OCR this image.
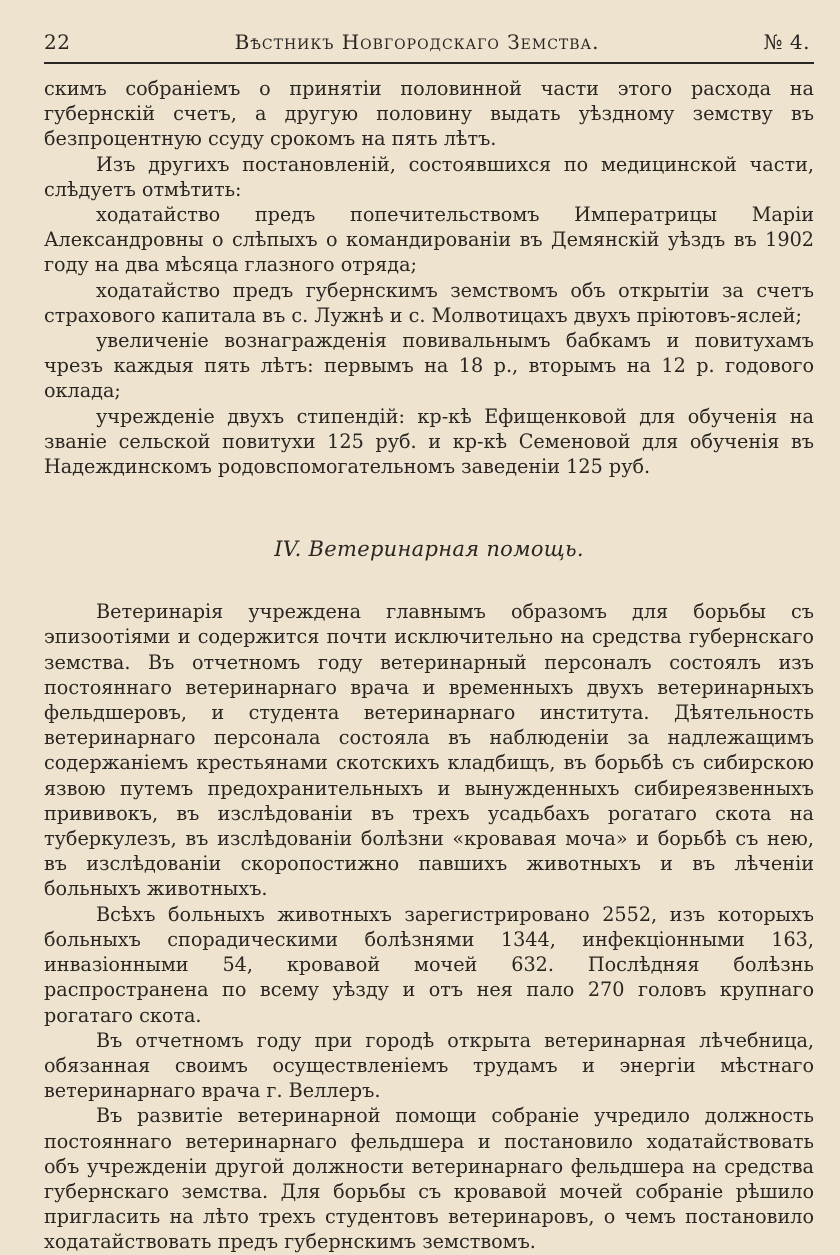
22	Вѣстникъ Новгородскаго Земства.	№ 4.

скимъ собраніемъ о принятіи половинной части этого расхода на губернскій счетъ, а другую половину выдать уѣздному земству въ безпроцентную ссуду срокомъ на пять лѣтъ.

Изъ другихъ постановленій, состоявшихся по медицинской части, слѣдуетъ отмѣтить:

ходатайство предъ попечительствомъ Императрицы Маріи Александровны о слѣпыхъ о командированіи въ Демянскій уѣздъ въ 1902 году на два мѣсяца глазного отряда;

ходатайство предъ губернскимъ земствомъ объ открытіи за счетъ страхового капитала въ с. Лужнѣ и с. Молвотицахъ двухъ пріютовъ-яслей;

увеличеніе вознагражденія повивальнымъ бабкамъ и повитухамъ чрезъ каждыя пять лѣтъ: первымъ на 18 р., вторымъ на 12 р. годового оклада;

учрежденіе двухъ стипендій: кр-кѣ Ефищенковой для обученія на званіе сельской повитухи 125 руб. и кр-кѣ Семеновой для обученія въ Надеждинскомъ родовспомогательномъ заведеніи 125 руб.

IV. Ветеринарная помощь.

Ветеринарія учреждена главнымъ образомъ для борьбы съ эпизоотіями и содержится почти исключительно на средства губернскаго земства. Въ отчетномъ году ветеринарный персоналъ состоялъ изъ постояннаго ветеринарнаго врача и временныхъ двухъ ветеринарныхъ фельдшеровъ, и студента ветеринарнаго института. Дѣятельность ветеринарнаго персонала состояла въ наблюденіи за надлежащимъ содержаніемъ крестьянами скотскихъ кладбищъ, въ борьбѣ съ сибирскою язвою путемъ предохранительныхъ и вынужденныхъ сибиреязвенныхъ прививокъ, въ изслѣдованіи въ трехъ усадьбахъ рогатаго скота на туберкулезъ, въ изслѣдованіи болѣзни «кровавая моча» и борьбѣ съ нею, въ изслѣдованіи скоропостижно павшихъ животныхъ и въ лѣченіи больныхъ животныхъ.

Всѣхъ больныхъ животныхъ зарегистрировано 2552, изъ которыхъ больныхъ спорадическими болѣзнями 1344, инфекціонными 163, инвазіонными 54, кровавой мочей 632. Послѣдняя болѣзнь распространена по всему уѣзду и отъ нея пало 270 головъ крупнаго рогатаго скота.

Въ отчетномъ году при городѣ открыта ветеринарная лѣчебница, обязанная своимъ осуществленіемъ трудамъ и энергіи мѣстнаго ветеринарнаго врача г. Веллеръ.

Въ развитіе ветеринарной помощи собраніе учредило должность постояннаго ветеринарнаго фельдшера и постановило ходатайствовать объ учрежденіи другой должности ветеринарнаго фельдшера на средства губернскаго земства. Для борьбы съ кровавой мочей собраніе рѣшило пригласить на лѣто трехъ студентовъ ветеринаровъ, о чемъ постановило ходатайствовать предъ губернскимъ земствомъ.
